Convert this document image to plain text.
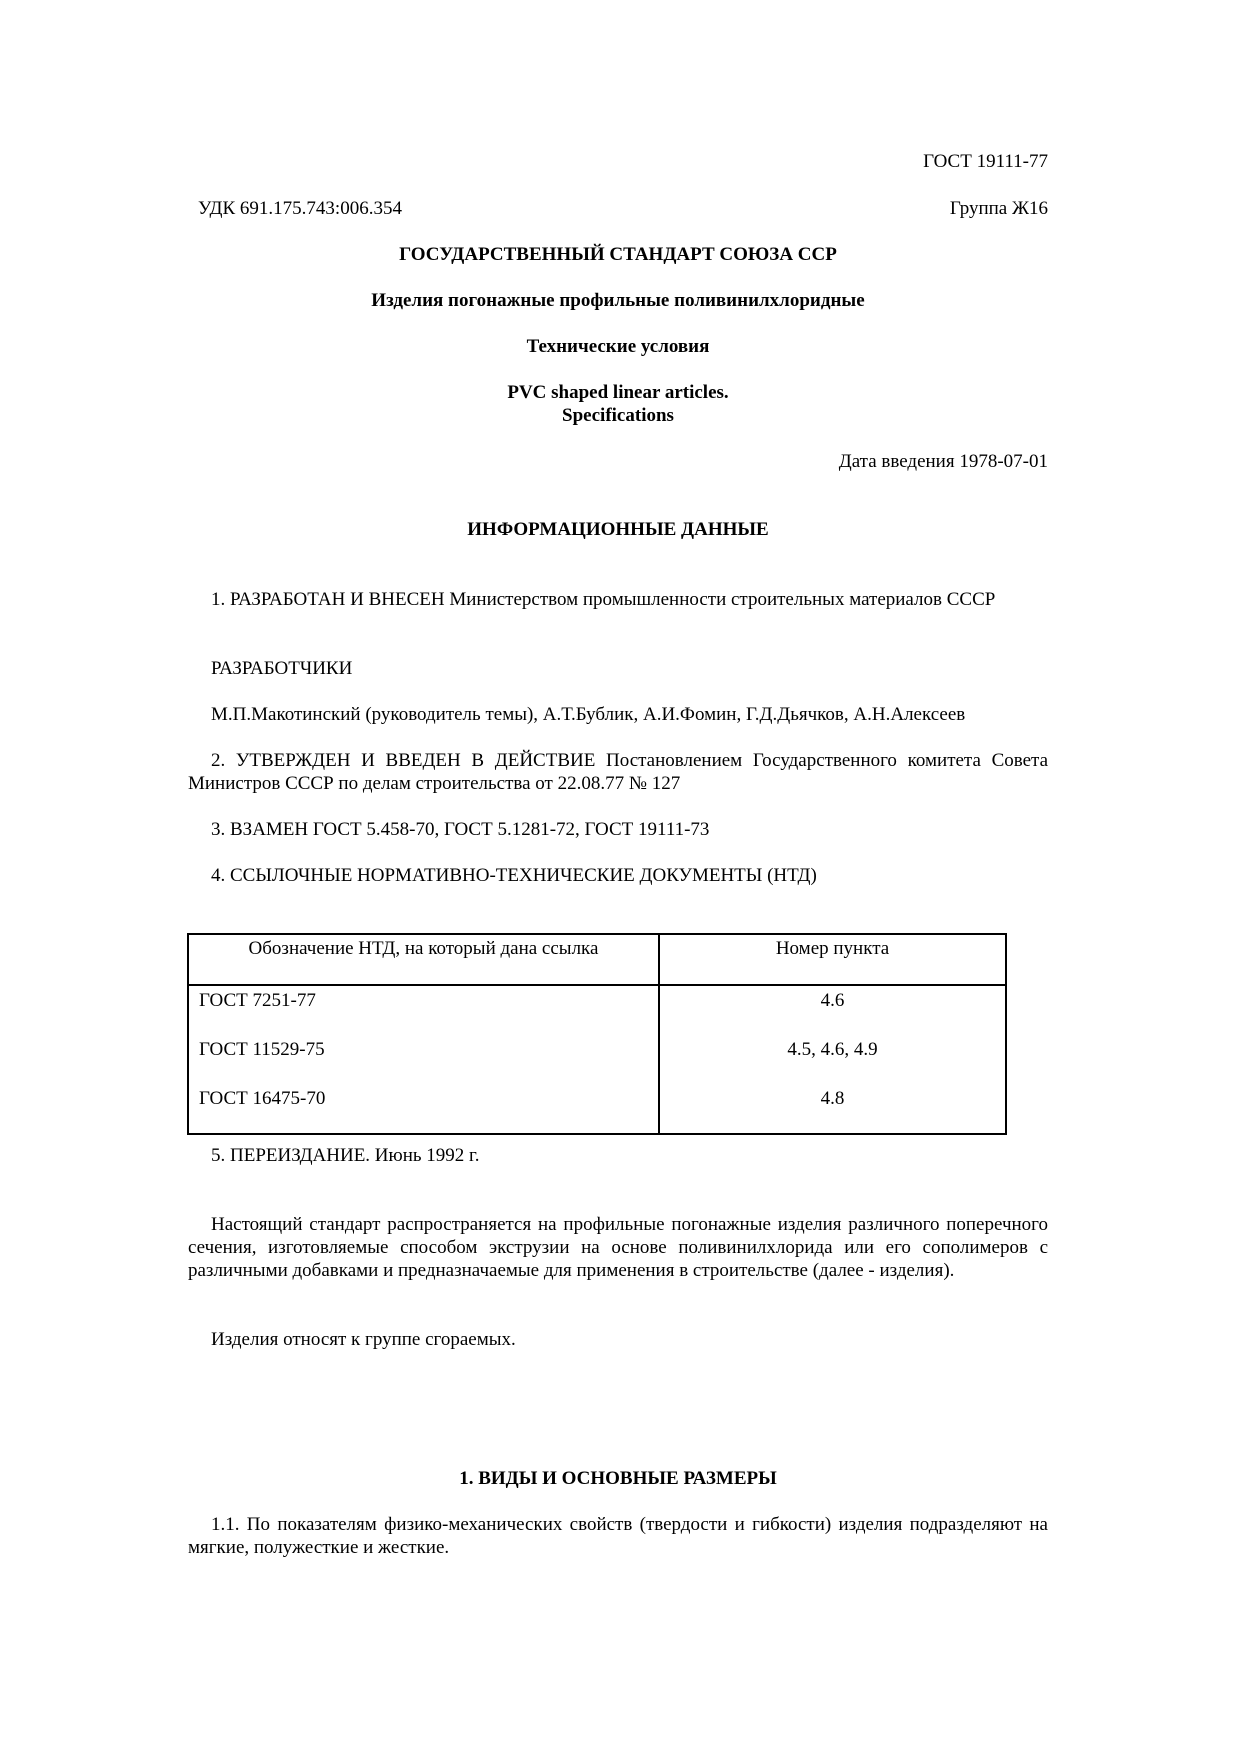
ГОСТ 19111-77

УДК 691.175.743:006.354	Группа Ж16

ГОСУДАРСТВЕННЫЙ СТАНДАРТ СОЮЗА ССР

Изделия погонажные профильные поливинилхлоридные

Технические условия

PVC shaped linear articles.

Specifications

Дата введения 1978-07-01

ИНФОРМАЦИОННЫЕ ДАННЫЕ

1. РАЗРАБОТАН И ВНЕСЕН Министерством промышленности строительных материалов СССР

РАЗРАБОТЧИКИ

М.П.Макотинский (руководитель темы), А.Т.Бублик, А.И.Фомин, Г.Д.Дьячков, А.Н.Алексеев

2. УТВЕРЖДЕН И ВВЕДЕН В ДЕЙСТВИЕ Постановлением Государственного комитета Совета Министров СССР по делам строительства от 22.08.77 № 127

3. ВЗАМЕН ГОСТ 5.458-70, ГОСТ 5.1281-72, ГОСТ 19111-73

4. ССЫЛОЧНЫЕ НОРМАТИВНО-ТЕХНИЧЕСКИЕ ДОКУМЕНТЫ (НТД)

Обозначение НТД, на который дана ссылка	Номер пункта
ГОСТ 7251-77	4.6
ГОСТ 11529-75	4.5, 4.6, 4.9
ГОСТ 16475-70	4.8

5. ПЕРЕИЗДАНИЕ. Июнь 1992 г.

Настоящий стандарт распространяется на профильные погонажные изделия различного поперечного сечения, изготовляемые способом экструзии на основе поливинилхлорида или его сополимеров с различными добавками и предназначаемые для применения в строительстве (далее - изделия).

Изделия относят к группе сгораемых.

1. ВИДЫ И ОСНОВНЫЕ РАЗМЕРЫ

1.1. По показателям физико-механических свойств (твердости и гибкости) изделия подразделяют на мягкие, полужесткие и жесткие.
